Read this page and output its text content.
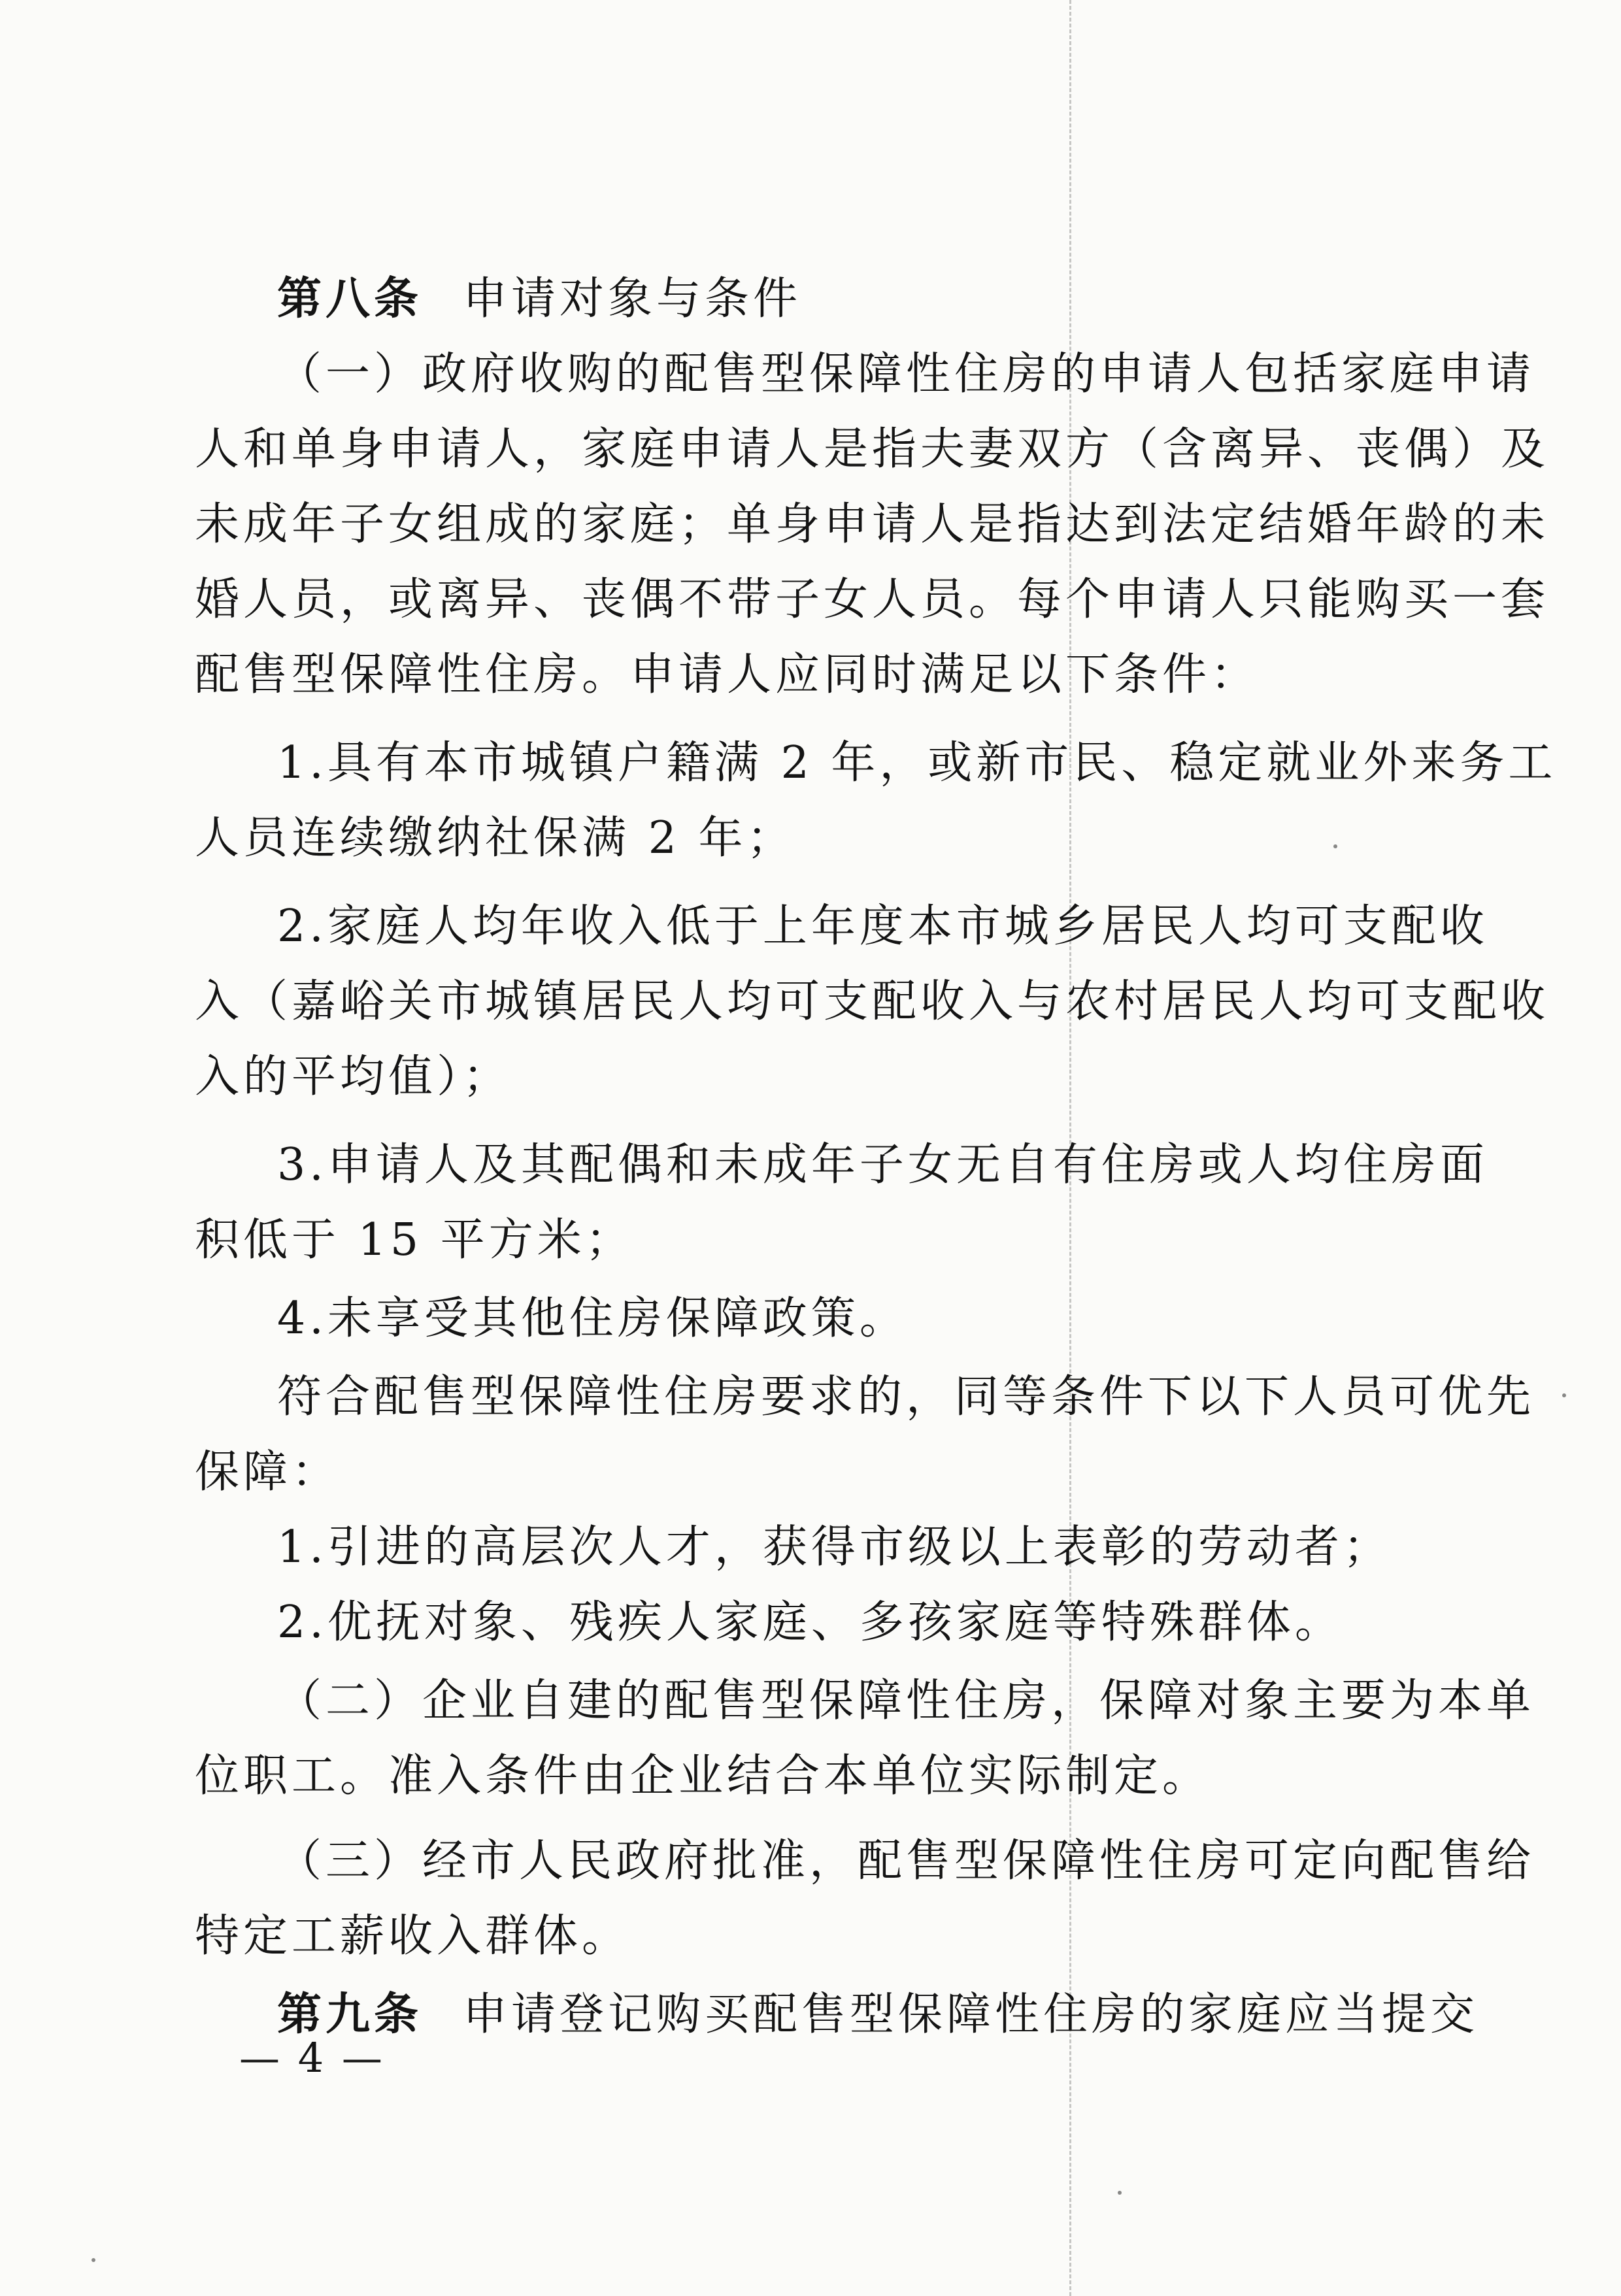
第八条 申请对象与条件

（一）政府收购的配售型保障性住房的申请人包括家庭申请

人和单身申请人，家庭申请人是指夫妻双方（含离异、丧偶）及

未成年子女组成的家庭；单身申请人是指达到法定结婚年龄的未

婚人员，或离异、丧偶不带子女人员。每个申请人只能购买一套

配售型保障性住房。申请人应同时满足以下条件：

1.具有本市城镇户籍满 2 年，或新市民、稳定就业外来务工

人员连续缴纳社保满 2 年；

2.家庭人均年收入低于上年度本市城乡居民人均可支配收

入（嘉峪关市城镇居民人均可支配收入与农村居民人均可支配收

入的平均值）；

3.申请人及其配偶和未成年子女无自有住房或人均住房面

积低于 15 平方米；

4.未享受其他住房保障政策。

符合配售型保障性住房要求的，同等条件下以下人员可优先

保障：

1.引进的高层次人才，获得市级以上表彰的劳动者；

2.优抚对象、残疾人家庭、多孩家庭等特殊群体。

（二）企业自建的配售型保障性住房，保障对象主要为本单

位职工。准入条件由企业结合本单位实际制定。

（三）经市人民政府批准，配售型保障性住房可定向配售给

特定工薪收入群体。

第九条 申请登记购买配售型保障性住房的家庭应当提交

— 4 —
